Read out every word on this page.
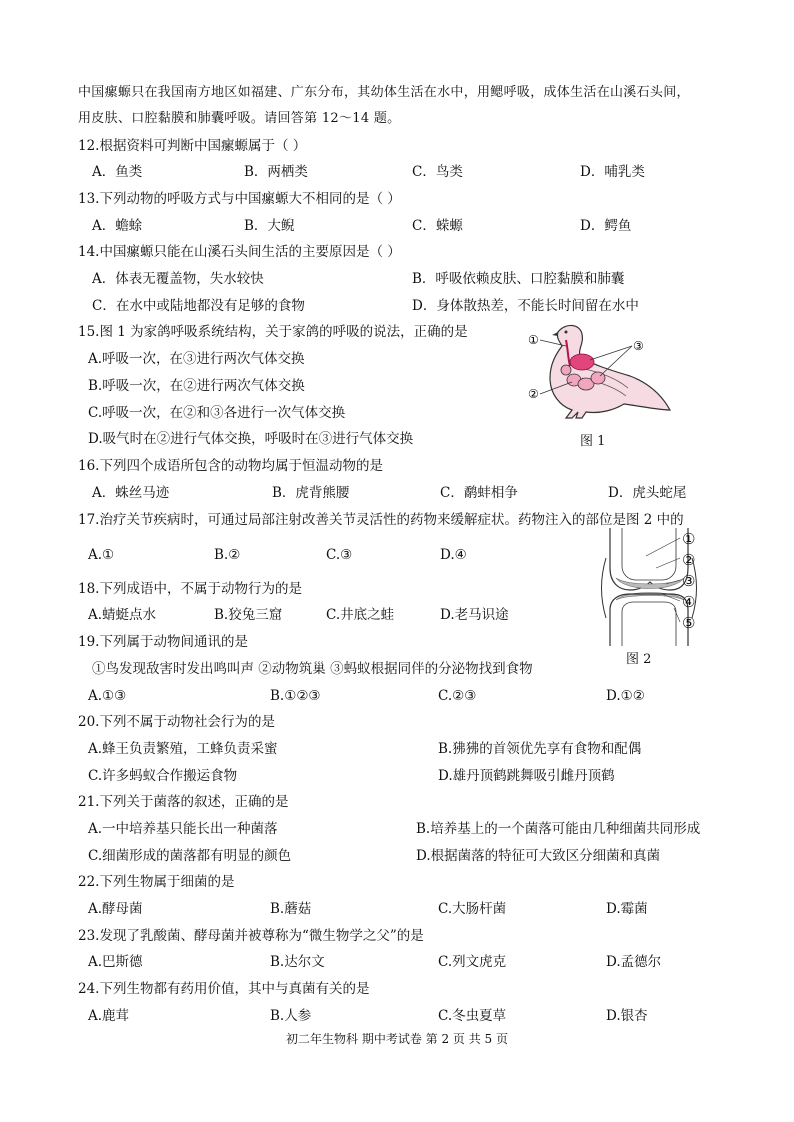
中国瘰螈只在我国南方地区如福建、广东分布，其幼体生活在水中，用鳃呼吸，成体生活在山溪石头间，
用皮肤、口腔黏膜和肺囊呼吸。请回答第 12～14 题。
12.根据资料可判断中国瘰螈属于（ ）
A．鱼类	B．两栖类	C．鸟类	D．哺乳类
13.下列动物的呼吸方式与中国瘰螈大不相同的是（ ）
A．蟾蜍	B．大鲵	C．蝾螈	D．鳄鱼
14.中国瘰螈只能在山溪石头间生活的主要原因是（ ）
A．体表无覆盖物，失水较快	B．呼吸依赖皮肤、口腔黏膜和肺囊
C．在水中或陆地都没有足够的食物	D．身体散热差，不能长时间留在水中
15.图 1 为家鸽呼吸系统结构，关于家鸽的呼吸的说法，正确的是
A.呼吸一次，在③进行两次气体交换
B.呼吸一次，在②进行两次气体交换
C.呼吸一次，在②和③各进行一次气体交换
D.吸气时在②进行气体交换，呼吸时在③进行气体交换
①
②
③
图 1
16.下列四个成语所包含的动物均属于恒温动物的是
A．蛛丝马迹	B．虎背熊腰	C．鹬蚌相争	D．虎头蛇尾
17.治疗关节疾病时，可通过局部注射改善关节灵活性的药物来缓解症状。药物注入的部位是图 2 中的
A.①	B.②	C.③	D.④
①
②
③
④
⑤
图 2
18.下列成语中，不属于动物行为的是
A.蜻蜓点水	B.狡兔三窟	C.井底之蛙	D.老马识途
19.下列属于动物间通讯的是
①鸟发现敌害时发出鸣叫声 ②动物筑巢 ③蚂蚁根据同伴的分泌物找到食物
A.①③	B.①②③	C.②③	D.①②
20.下列不属于动物社会行为的是
A.蜂王负责繁殖，工蜂负责采蜜	B.狒狒的首领优先享有食物和配偶
C.许多蚂蚁合作搬运食物	D.雄丹顶鹤跳舞吸引雌丹顶鹤
21.下列关于菌落的叙述，正确的是
A.一中培养基只能长出一种菌落	B.培养基上的一个菌落可能由几种细菌共同形成
C.细菌形成的菌落都有明显的颜色	D.根据菌落的特征可大致区分细菌和真菌
22.下列生物属于细菌的是
A.酵母菌	B.蘑菇	C.大肠杆菌	D.霉菌
23.发现了乳酸菌、酵母菌并被尊称为“微生物学之父”的是
A.巴斯德	B.达尔文	C.列文虎克	D.孟德尔
24.下列生物都有药用价值，其中与真菌有关的是
A.鹿茸	B.人参	C.冬虫夏草	D.银杏
初二年生物科 期中考试卷 第 2 页 共 5 页
